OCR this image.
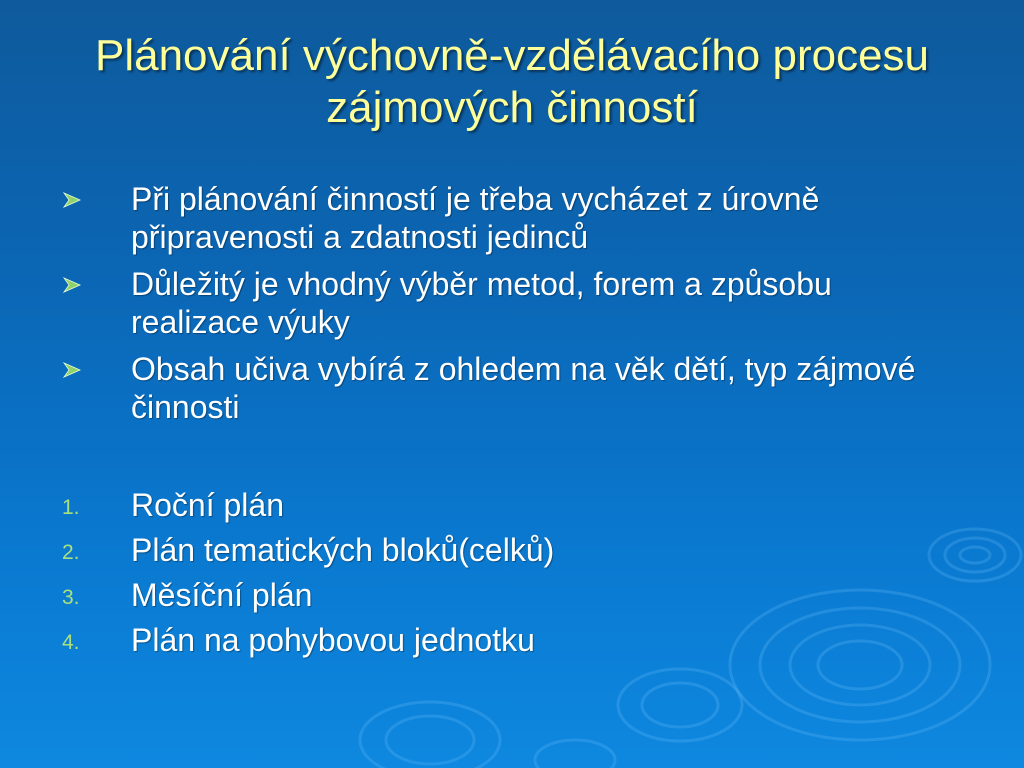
Plánování výchovně-vzdělávacího procesu zájmových činností
Při plánování činností je třeba vycházet z úrovně připravenosti a zdatnosti jedinců
Důležitý je vhodný výběr metod, forem a způsobu realizace výuky
Obsah učiva vybírá z ohledem na věk dětí, typ zájmové činnosti
1. Roční plán
2. Plán tematických bloků(celků)
3. Měsíční plán
4. Plán na pohybovou jednotku
